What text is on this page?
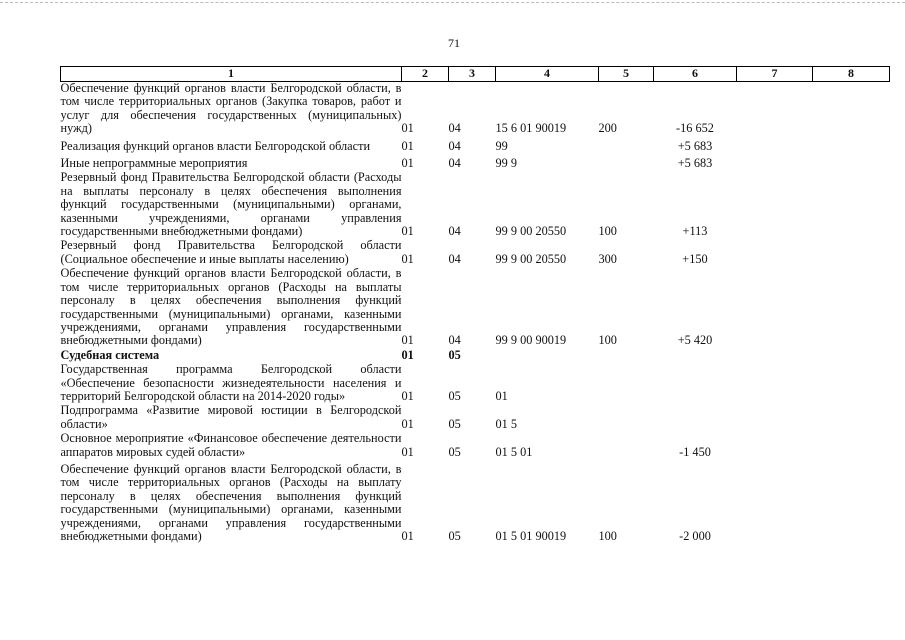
71
1	2	3	4	5	6	7	8
Обеспечение функций органов власти Белгородской области, в том числе территориальных органов (Закупка товаров, работ и услуг для обеспечения государственных (муниципальных) нужд)	01	04	15 6 01 90019	200	-16 652		
Реализация функций органов власти Белгородской области	01	04	99		+5 683		
Иные непрограммные мероприятия	01	04	99 9		+5 683		
Резервный фонд Правительства Белгородской области (Расходы на выплаты персоналу в целях обеспечения выполнения функций государственными (муниципальными) органами, казенными учреждениями, органами управления государственными внебюджетными фондами)	01	04	99 9 00 20550	100	+113		
Резервный фонд Правительства Белгородской области (Социальное обеспечение и иные выплаты населению)	01	04	99 9 00 20550	300	+150		
Обеспечение функций органов власти Белгородской области, в том числе территориальных органов (Расходы на выплаты персоналу в целях обеспечения выполнения функций государственными (муниципальными) органами, казенными учреждениями, органами управления государственными внебюджетными фондами)	01	04	99 9 00 90019	100	+5 420		
Судебная система	01	05					
Государственная программа Белгородской области «Обеспечение безопасности жизнедеятельности населения и территорий Белгородской области на 2014-2020 годы»	01	05	01				
Подпрограмма «Развитие мировой юстиции в Белгородской области»	01	05	01 5				
Основное мероприятие «Финансовое обеспечение деятельности аппаратов мировых судей области»	01	05	01 5 01		-1 450		
Обеспечение функций органов власти Белгородской области, в том числе территориальных органов (Расходы на выплату персоналу в целях обеспечения выполнения функций государственными (муниципальными) органами, казенными учреждениями, органами управления государственными внебюджетными фондами)	01	05	01 5 01 90019	100	-2 000		
